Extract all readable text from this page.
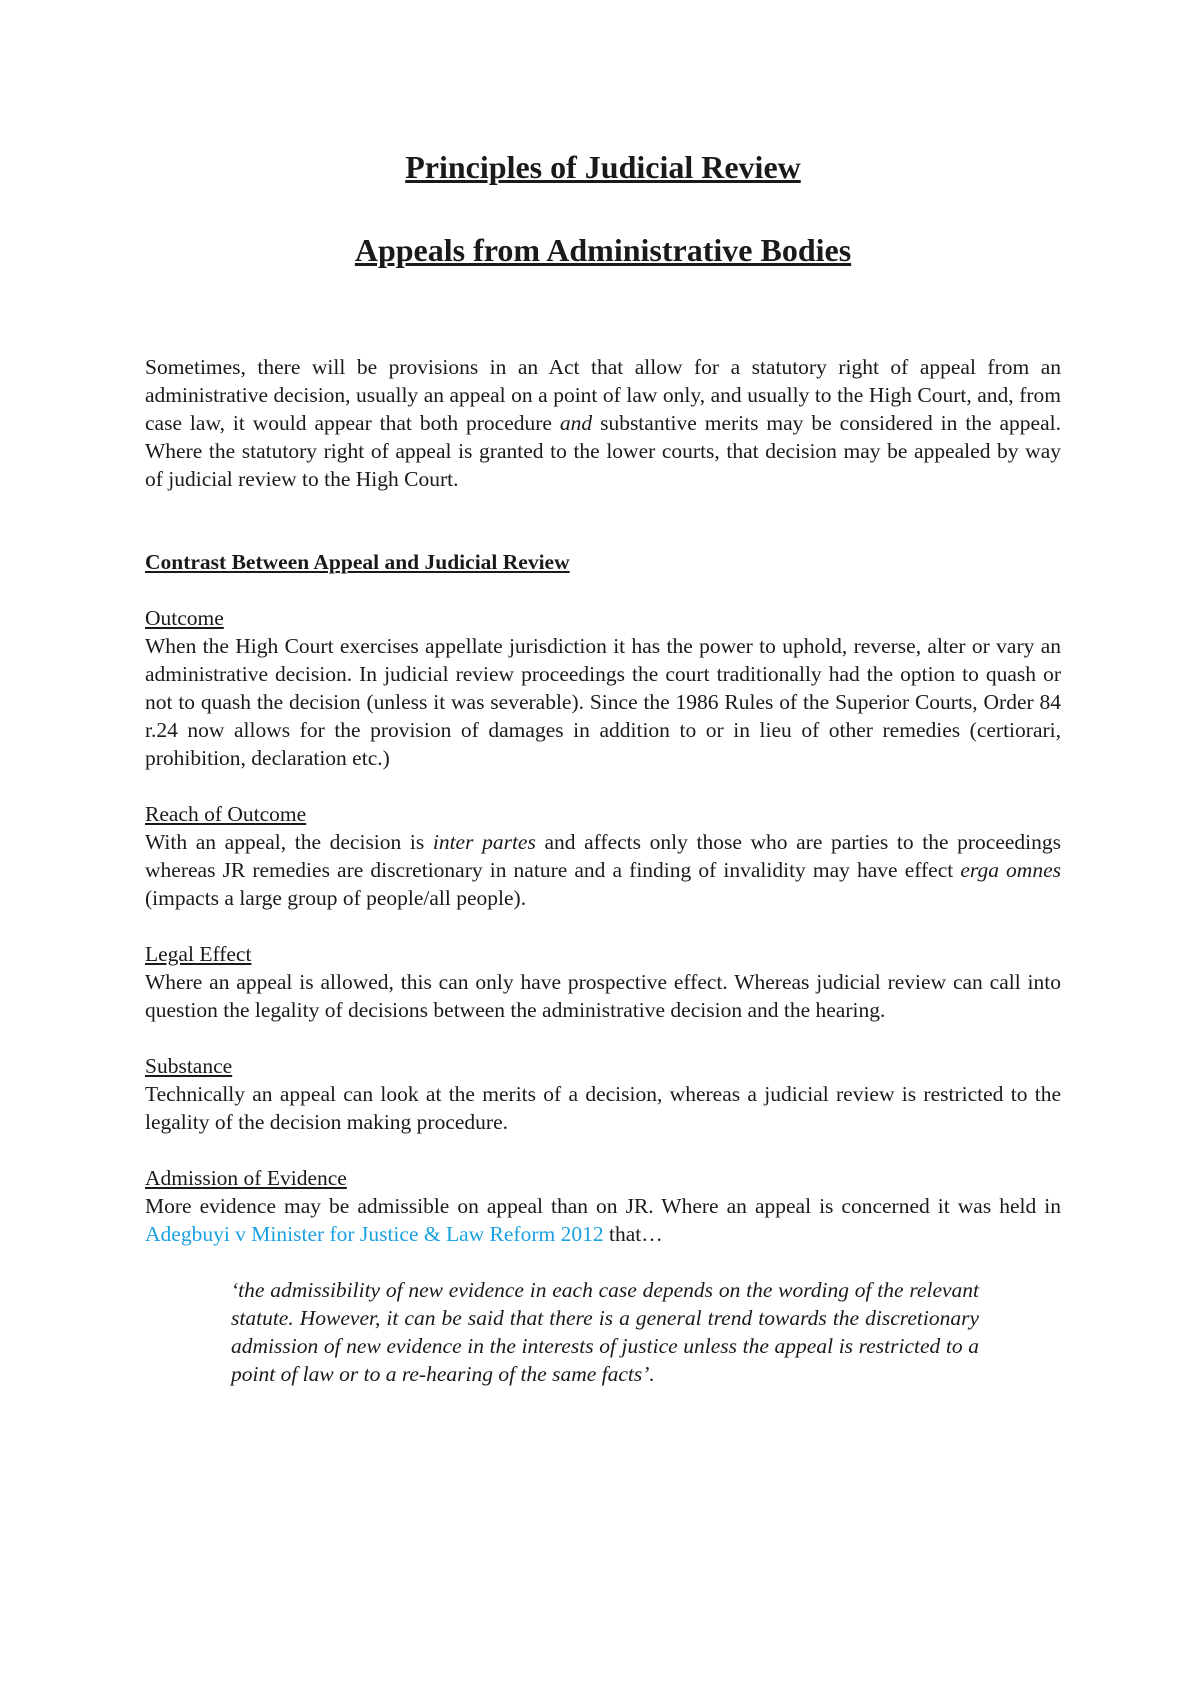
Principles of Judicial Review
Appeals from Administrative Bodies

Sometimes, there will be provisions in an Act that allow for a statutory right of appeal from an administrative decision, usually an appeal on a point of law only, and usually to the High Court, and, from case law, it would appear that both procedure and substantive merits may be considered in the appeal. Where the statutory right of appeal is granted to the lower courts, that decision may be appealed by way of judicial review to the High Court.

Contrast Between Appeal and Judicial Review
Outcome

When the High Court exercises appellate jurisdiction it has the power to uphold, reverse, alter or vary an administrative decision. In judicial review proceedings the court traditionally had the option to quash or not to quash the decision (unless it was severable). Since the 1986 Rules of the Superior Courts, Order 84 r.24 now allows for the provision of damages in addition to or in lieu of other remedies (certiorari, prohibition, declaration etc.)

Reach of Outcome

With an appeal, the decision is inter partes and affects only those who are parties to the proceedings whereas JR remedies are discretionary in nature and a finding of invalidity may have effect erga omnes (impacts a large group of people/all people).

Legal Effect

Where an appeal is allowed, this can only have prospective effect. Whereas judicial review can call into question the legality of decisions between the administrative decision and the hearing.

Substance

Technically an appeal can look at the merits of a decision, whereas a judicial review is restricted to the legality of the decision making procedure.

Admission of Evidence

More evidence may be admissible on appeal than on JR. Where an appeal is concerned it was held in Adegbuyi v Minister for Justice & Law Reform 2012 that…

‘the admissibility of new evidence in each case depends on the wording of the relevant statute. However, it can be said that there is a general trend towards the discretionary admission of new evidence in the interests of justice unless the appeal is restricted to a point of law or to a re-hearing of the same facts’.
